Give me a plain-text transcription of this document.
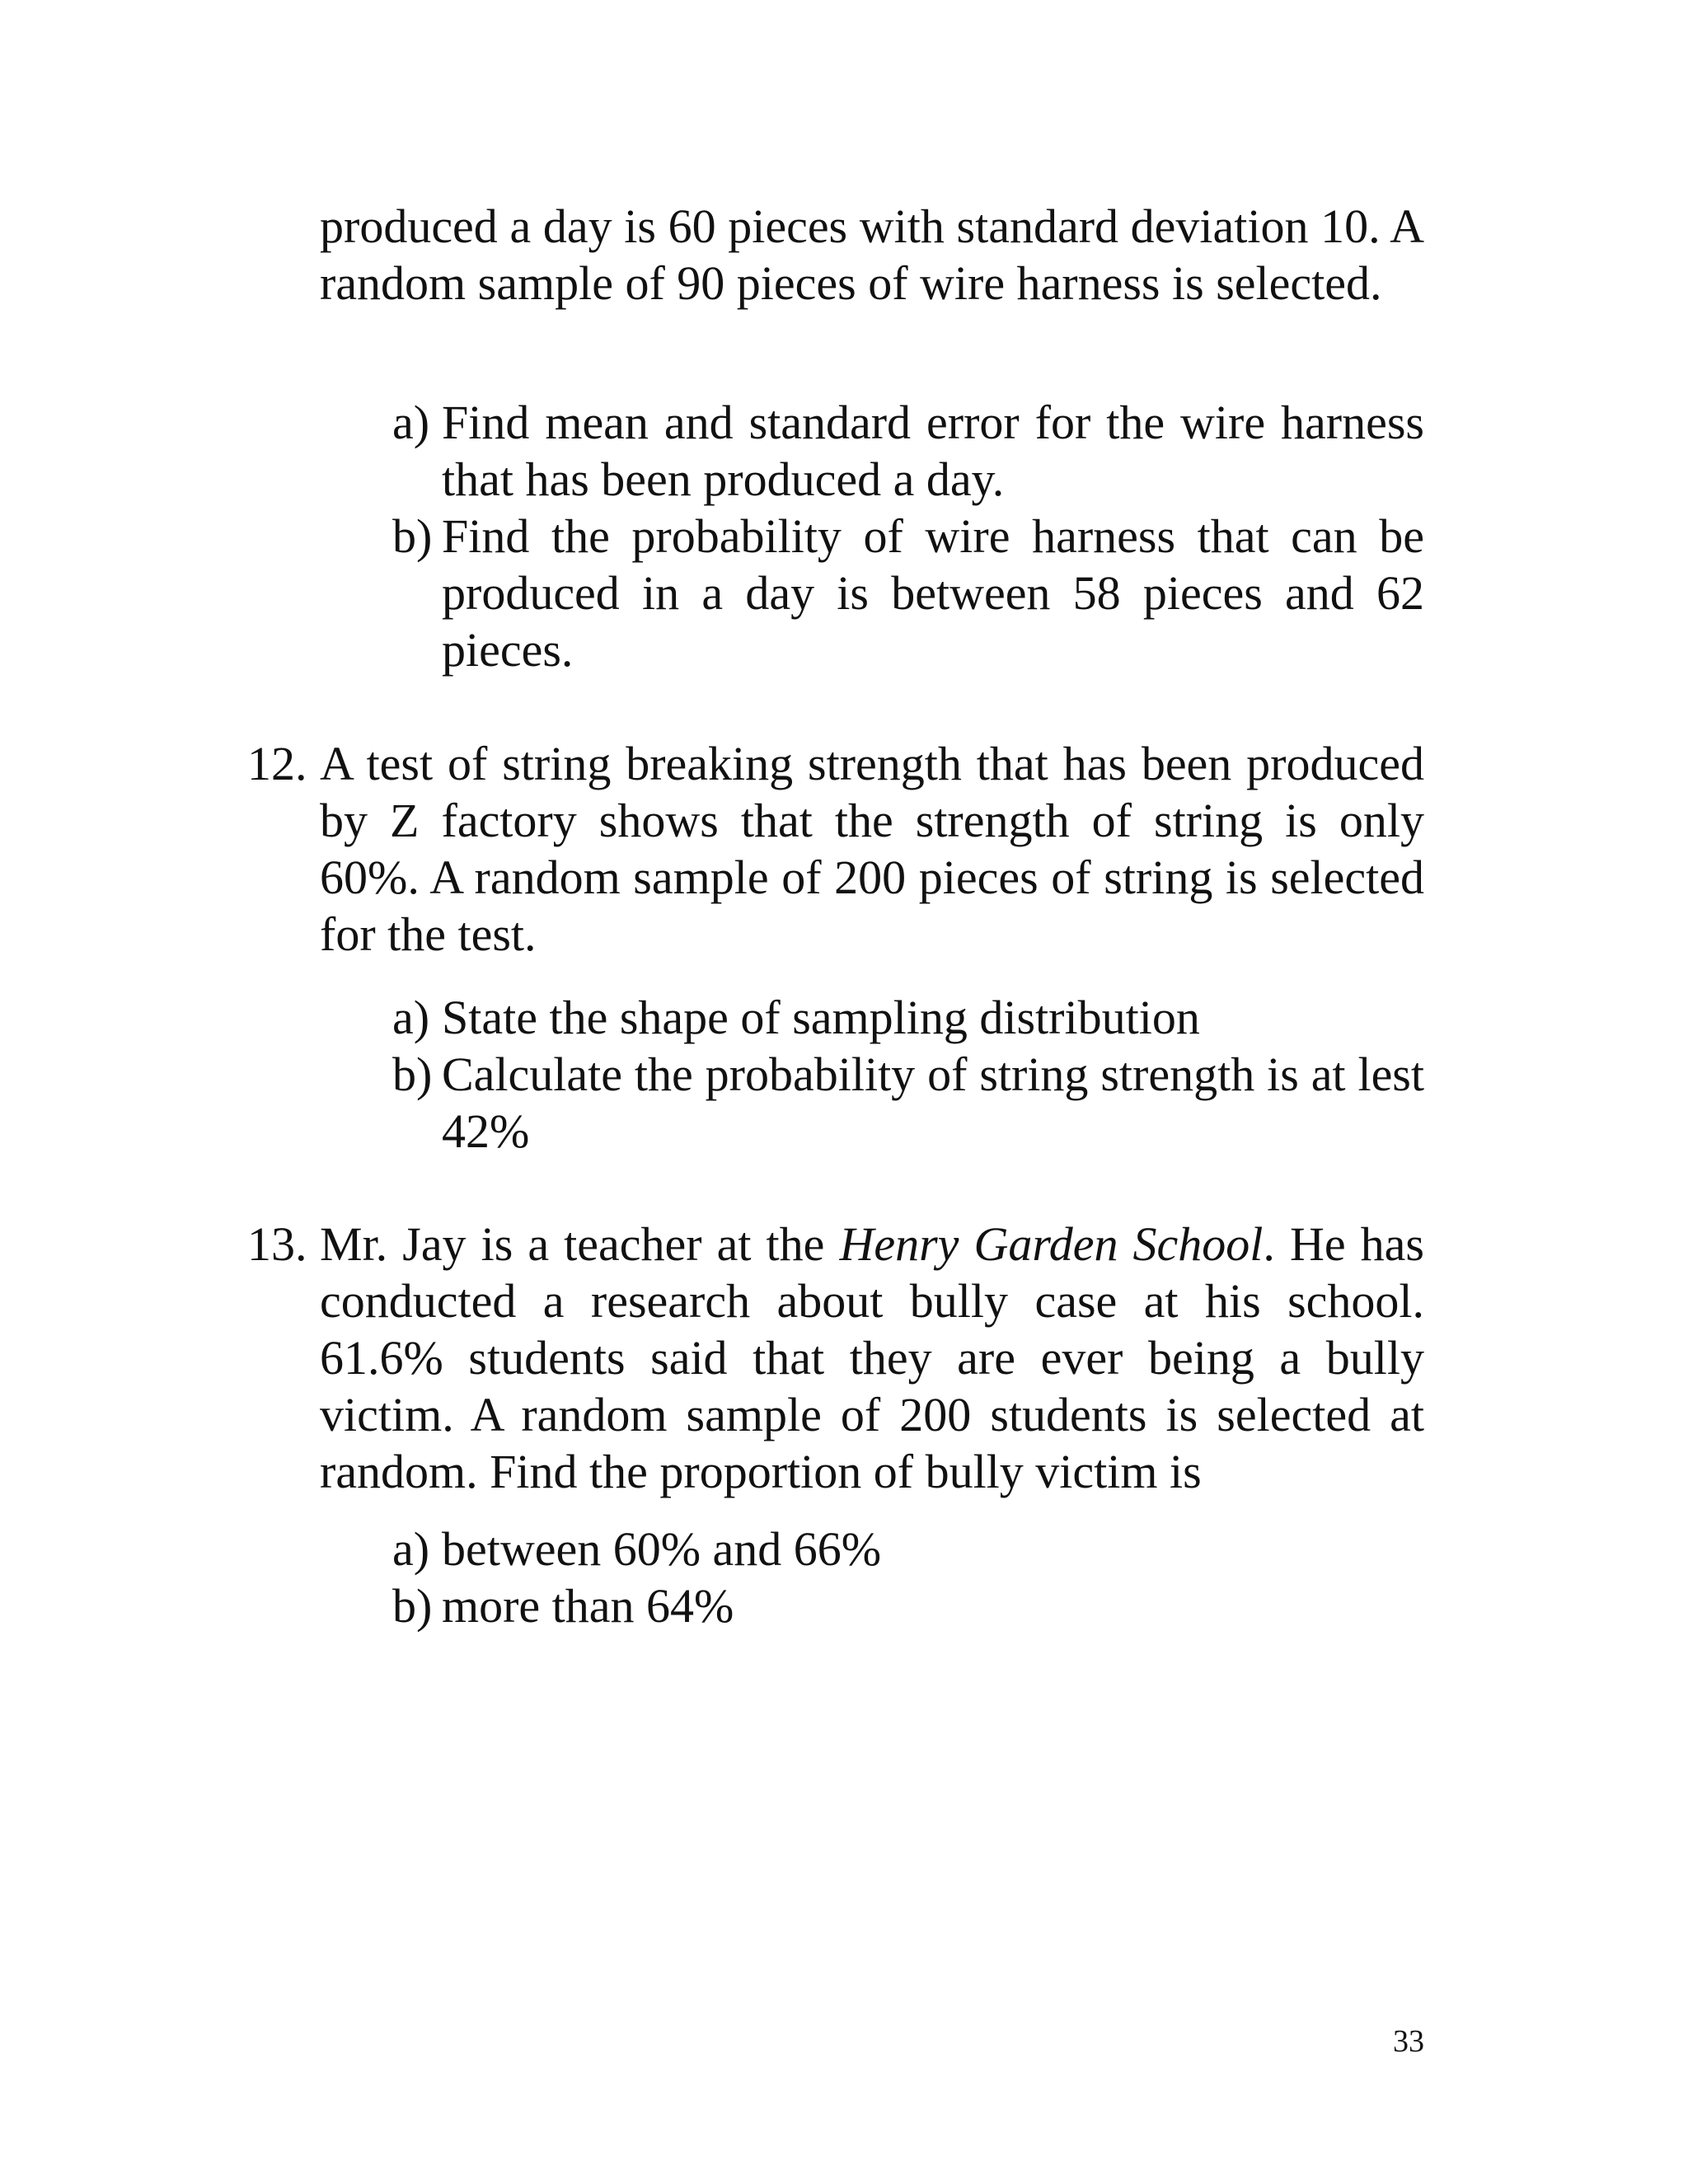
produced a day is 60 pieces with standard deviation 10. A random sample of 90 pieces of wire harness is selected.
a) Find mean and standard error for the wire harness that has been produced a day.
b) Find the probability of wire harness that can be produced in a day is between 58 pieces and 62 pieces.
12. A test of string breaking strength that has been produced by Z factory shows that the strength of string is only 60%. A random sample of 200 pieces of string is selected for the test.
a) State the shape of sampling distribution
b) Calculate the probability of string strength is at lest 42%
13. Mr. Jay is a teacher at the Henry Garden School. He has conducted a research about bully case at his school. 61.6% students said that they are ever being a bully victim. A random sample of 200 students is selected at random. Find the proportion of bully victim is
a) between 60% and 66%
b) more than 64%
33
